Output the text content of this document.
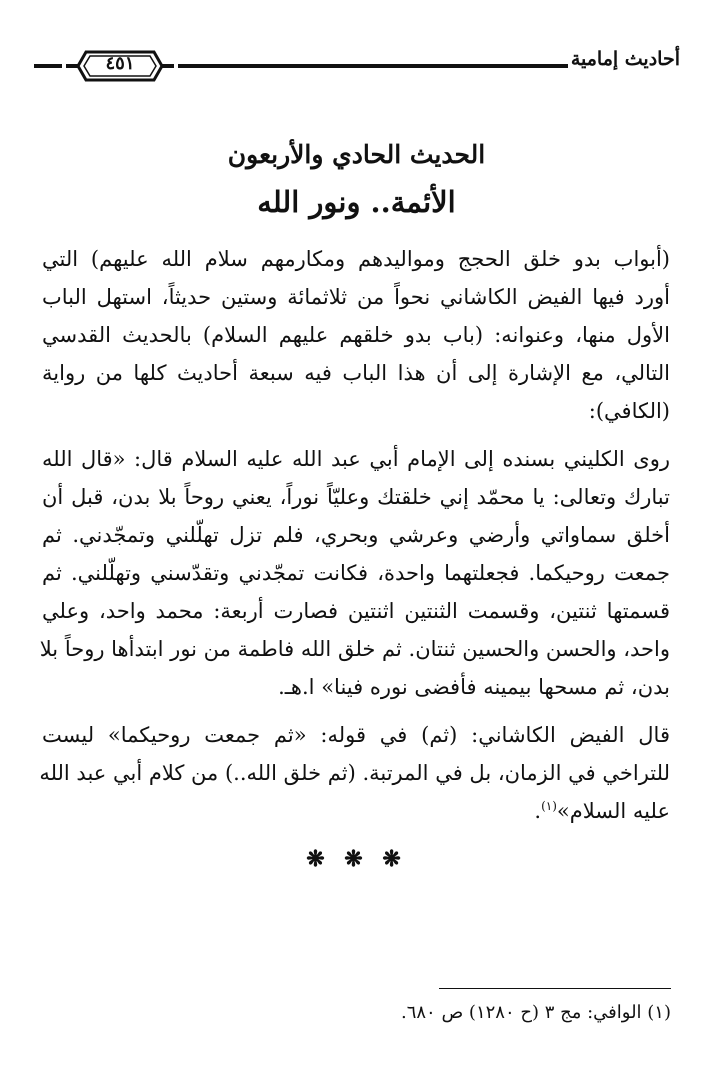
٤٥١	أحاديث إمامية
الحديث الحادي والأربعون
الأئمة.. ونور الله
(أبواب بدو خلق الحجج ومواليدهم ومكارمهم سلام الله عليهم) التي
أورد فيها الفيض الكاشاني نحواً من ثلاثمائة وستين حديثاً، استهل الباب
الأول منها، وعنوانه: (باب بدو خلقهم عليهم السلام) بالحديث القدسي
التالي، مع الإشارة إلى أن هذا الباب فيه سبعة أحاديث كلها من رواية
(الكافي):
روى الكليني بسنده إلى الإمام أبي عبد الله عليه السلام قال: «قال الله
تبارك وتعالى: يا محمّد إني خلقتك وعليّاً نوراً، يعني روحاً بلا بدن، قبل أن
أخلق سماواتي وأرضي وعرشي وبحري، فلم تزل تهلّلني وتمجّدني. ثم
جمعت روحيكما. فجعلتهما واحدة، فكانت تمجّدني وتقدّسني وتهلّلني. ثم
قسمتها ثنتين، وقسمت الثنتين اثنتين فصارت أربعة: محمد واحد، وعلي
واحد، والحسن والحسين ثنتان. ثم خلق الله فاطمة من نور ابتدأها روحاً بلا
بدن، ثم مسحها بيمينه فأفضى نوره فينا» ا.هـ.
قال الفيض الكاشاني: (ثم) في قوله: «ثم جمعت روحيكما» ليست
للتراخي في الزمان، بل في المرتبة. (ثم خلق الله..) من كلام أبي عبد الله
عليه السلام»$^{(١)}$.
❋ ❋ ❋
(١) الوافي: مج ٣ (ح ١٢٨٠) ص ٦٨٠.
